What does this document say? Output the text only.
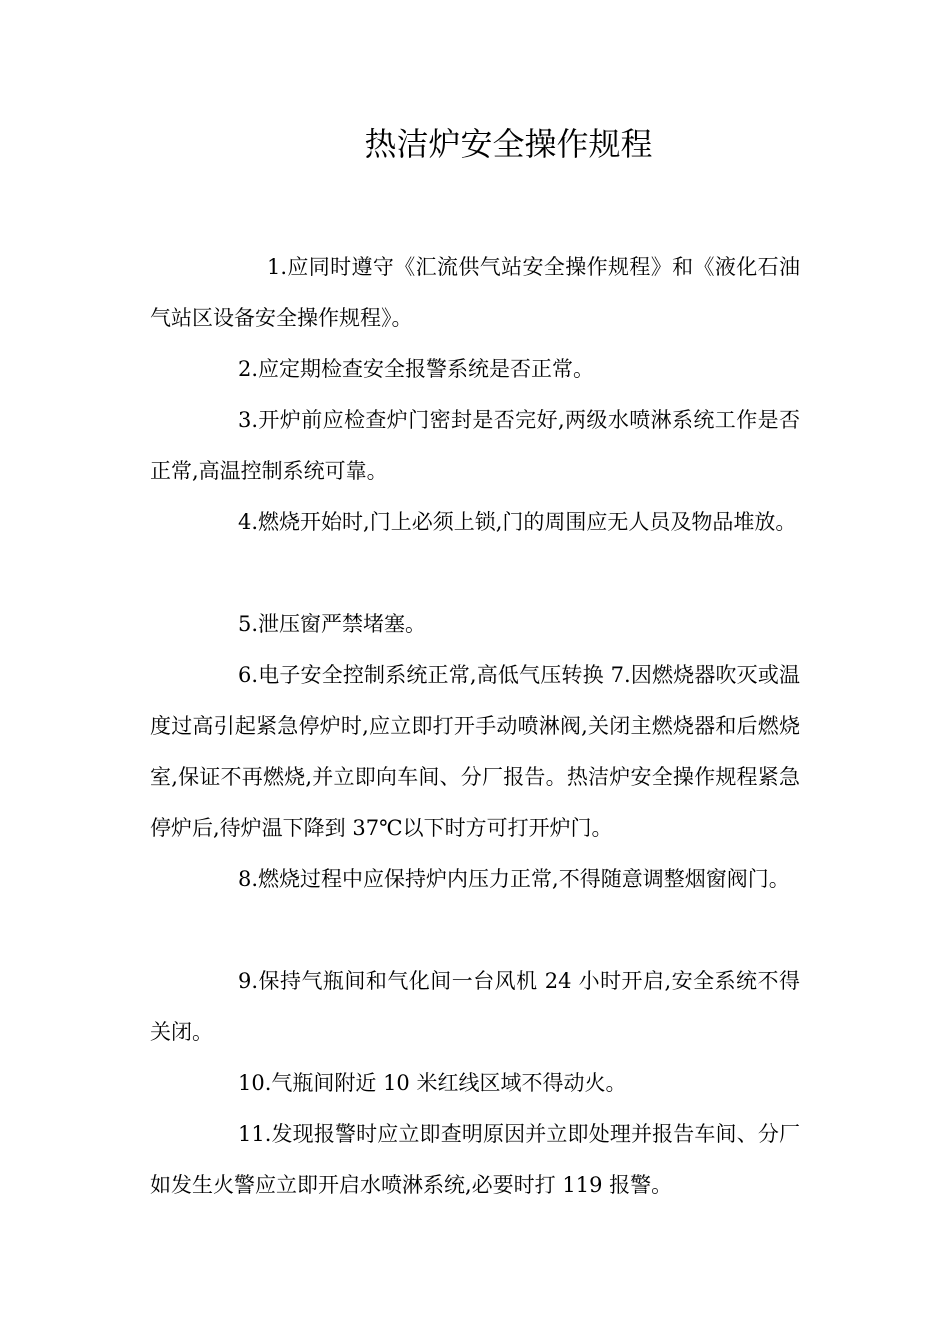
热洁炉安全操作规程

1.应同时遵守《汇流供气站安全操作规程》和《液化石油气站区设备安全操作规程》。

2.应定期检查安全报警系统是否正常。

3.开炉前应检查炉门密封是否完好,两级水喷淋系统工作是否正常,高温控制系统可靠。

4.燃烧开始时,门上必须上锁,门的周围应无人员及物品堆放。

5.泄压窗严禁堵塞。

6.电子安全控制系统正常,高低气压转换 7.因燃烧器吹灭或温度过高引起紧急停炉时,应立即打开手动喷淋阀,关闭主燃烧器和后燃烧室,保证不再燃烧,并立即向车间、分厂报告。热洁炉安全操作规程紧急停炉后,待炉温下降到 37℃以下时方可打开炉门。

8.燃烧过程中应保持炉内压力正常,不得随意调整烟窗阀门。

9.保持气瓶间和气化间一台风机 24 小时开启,安全系统不得关闭。

10.气瓶间附近 10 米红线区域不得动火。

11.发现报警时应立即查明原因并立即处理并报告车间、分厂如发生火警应立即开启水喷淋系统,必要时打 119 报警。
